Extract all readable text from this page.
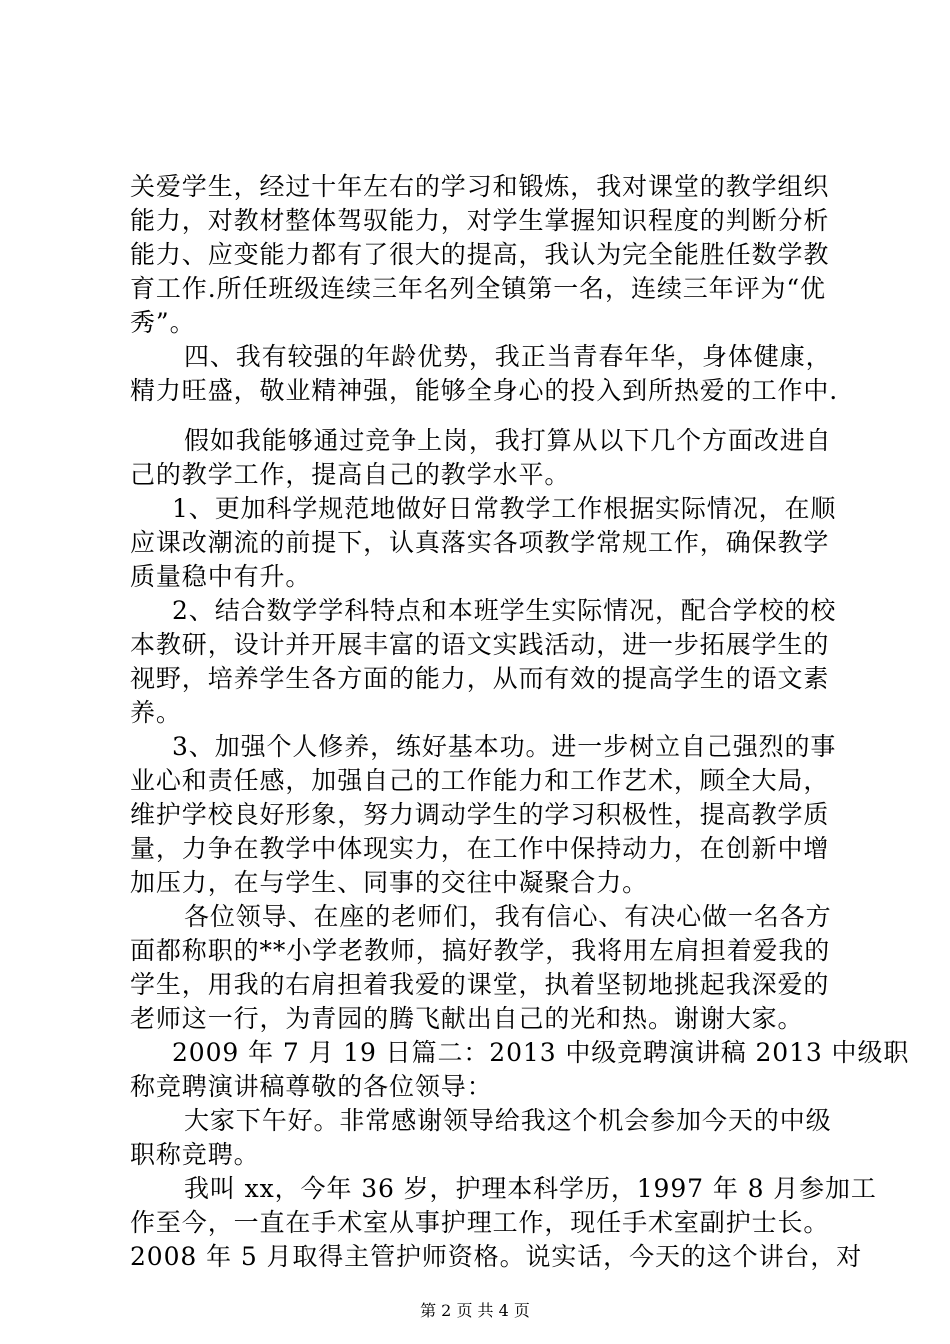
关爱学生，经过十年左右的学习和锻炼，我对课堂的教学组织
能力，对教材整体驾驭能力，对学生掌握知识程度的判断分析
能力、应变能力都有了很大的提高，我认为完全能胜任数学教
育工作.所任班级连续三年名列全镇第一名，连续三年评为“优
秀”。
四、我有较强的年龄优势，我正当青春年华，身体健康，
精力旺盛，敬业精神强，能够全身心的投入到所热爱的工作中.
假如我能够通过竞争上岗，我打算从以下几个方面改进自
己的教学工作，提高自己的教学水平。
1、更加科学规范地做好日常教学工作根据实际情况，在顺
应课改潮流的前提下，认真落实各项教学常规工作，确保教学
质量稳中有升。
2、结合数学学科特点和本班学生实际情况，配合学校的校
本教研，设计并开展丰富的语文实践活动，进一步拓展学生的
视野，培养学生各方面的能力，从而有效的提高学生的语文素
养。
3、加强个人修养，练好基本功。进一步树立自己强烈的事
业心和责任感，加强自己的工作能力和工作艺术，顾全大局，
维护学校良好形象，努力调动学生的学习积极性，提高教学质
量，力争在教学中体现实力，在工作中保持动力，在创新中增
加压力，在与学生、同事的交往中凝聚合力。
各位领导、在座的老师们，我有信心、有决心做一名各方
面都称职的**小学老教师，搞好教学，我将用左肩担着爱我的
学生，用我的右肩担着我爱的课堂，执着坚韧地挑起我深爱的
老师这一行，为青园的腾飞献出自己的光和热。谢谢大家。
2009 年 7 月 19 日篇二：2013 中级竞聘演讲稿 2013 中级职
称竞聘演讲稿尊敬的各位领导：
大家下午好。非常感谢领导给我这个机会参加今天的中级
职称竞聘。
我叫 xx，今年 36 岁，护理本科学历，1997 年 8 月参加工
作至今，一直在手术室从事护理工作，现任手术室副护士长。
2008 年 5 月取得主管护师资格。说实话，今天的这个讲台，对
第 2 页 共 4 页
